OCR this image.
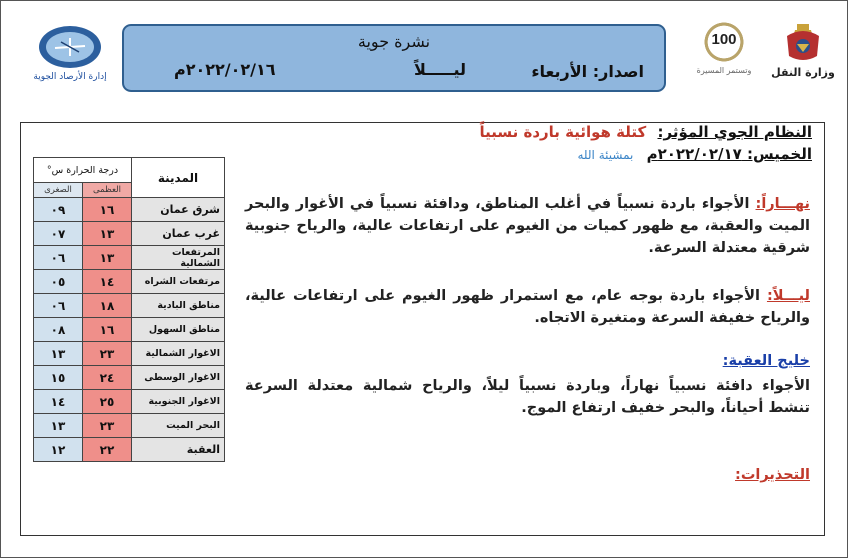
وزارة النقل
100
وتستمر المسيرة
إدارة الأرصاد الجوية
نشرة جوية
اصدار: الأربعاء
ليـــــلاً
٢٠٢٢/٠٢/١٦م
النظام الجوي المؤثر: كتلة هوائية باردة نسبياً
الخميس: ٢٠٢٢/٠٢/١٧م بمشيئة الله
نهـــاراً: الأجواء باردة نسبياً في أغلب المناطق، ودافئة نسبياً في الأغوار والبحر الميت والعقبة، مع ظهور كميات من الغيوم على ارتفاعات عالية، والرياح جنوبية شرقية معتدلة السرعة.
ليـــلاً: الأجواء باردة بوجه عام، مع استمرار ظهور الغيوم على ارتفاعات عالية، والرياح خفيفة السرعة ومتغيرة الاتجاه.
خليج العقبة:
الأجواء دافئة نسبياً نهاراً، وباردة نسبياً ليلاً، والرياح شمالية معتدلة السرعة تنشط أحياناً، والبحر خفيف ارتفاع الموج.
التحذيرات:
المدينة	درجة الحرارة س°	
	العظمى	الصغرى
شرق عمان	١٦	٠٩
غرب عمان	١٣	٠٧
المرتفعات الشمالية	١٣	٠٦
مرتفعات الشراه	١٤	٠٥
مناطق البادية	١٨	٠٦
مناطق السهول	١٦	٠٨
الاغوار الشمالية	٢٣	١٣
الاغوار الوسطى	٢٤	١٥
الاغوار الجنوبية	٢٥	١٤
البحر الميت	٢٣	١٣
العقبة	٢٢	١٢
